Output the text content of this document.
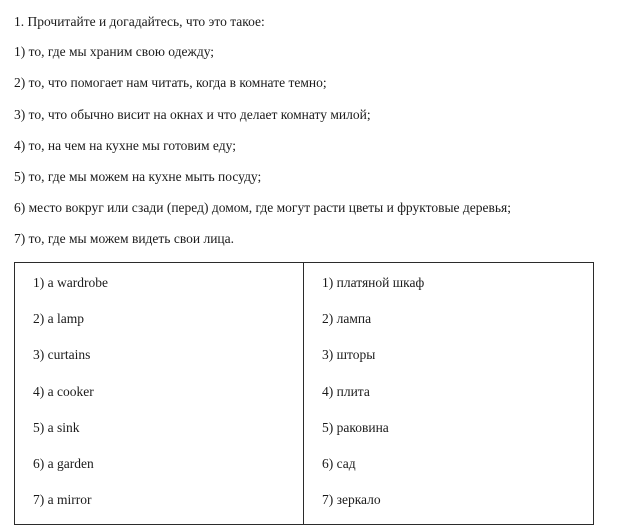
1. Прочитайте и догадайтесь, что это такое:

1) то, где мы храним свою одежду;
2) то, что помогает нам читать, когда в комнате темно;
3) то, что обычно висит на окнах и что делает комнату милой;
4) то, на чем на кухне мы готовим еду;
5) то, где мы можем на кухне мыть посуду;
6) место вокруг или сзади (перед) домом, где могут расти цветы и фруктовые деревья;
7) то, где мы можем видеть свои лица.
1) a wardrobe
2) a lamp
3) curtains
4) a cooker
5) a sink
6) a garden
7) a mirror
1) платяной шкаф
2) лампа
3) шторы
4) плита
5) раковина
6) сад
7) зеркало
